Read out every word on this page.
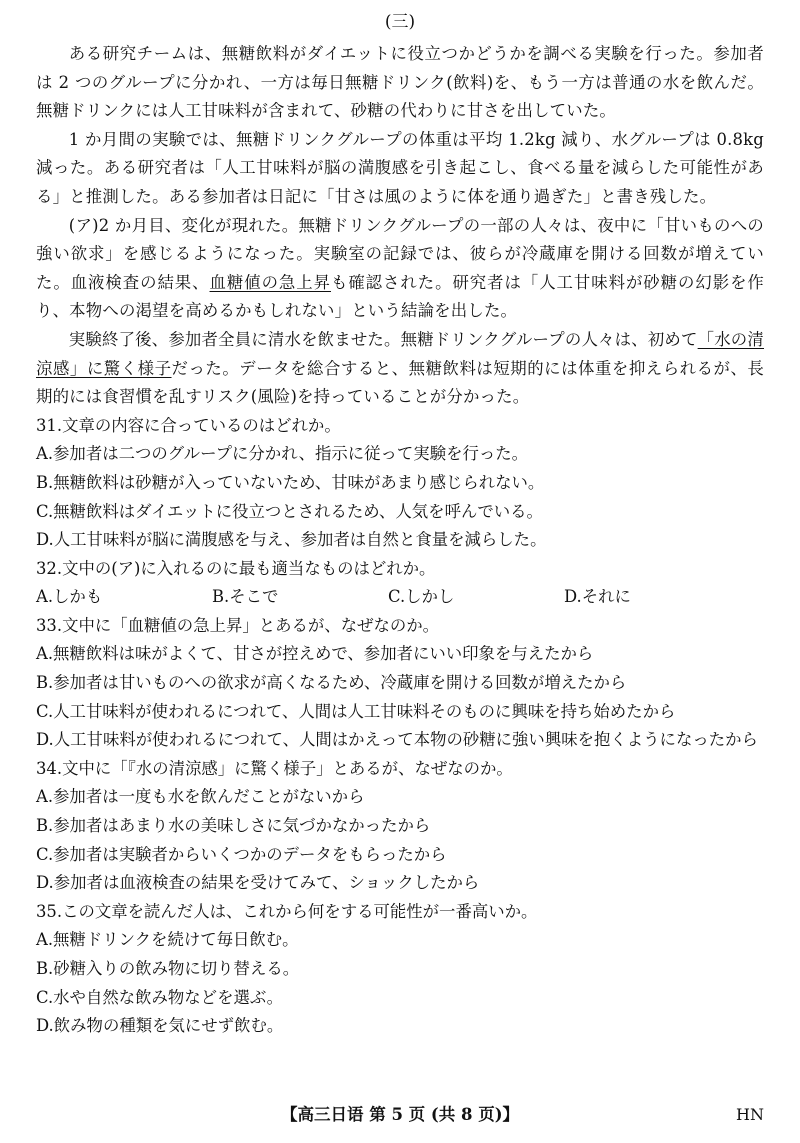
(三)

ある研究チームは、無糖飲料がダイエットに役立つかどうかを調べる実験を行った。参加者は 2 つのグループに分かれ、一方は毎日無糖ドリンク(飲料)を、もう一方は普通の水を飲んだ。無糖ドリンクには人工甘味料が含まれて、砂糖の代わりに甘さを出していた。

1 か月間の実験では、無糖ドリンクグループの体重は平均 1.2kg 減り、水グループは 0.8kg 減った。ある研究者は「人工甘味料が脳の満腹感を引き起こし、食べる量を減らした可能性がある」と推測した。ある参加者は日記に「甘さは風のように体を通り過ぎた」と書き残した。

(ア)2 か月目、変化が現れた。無糖ドリンクグループの一部の人々は、夜中に「甘いものへの強い欲求」を感じるようになった。実験室の記録では、彼らが冷蔵庫を開ける回数が増えていた。血液検査の結果、血糖値の急上昇も確認された。研究者は「人工甘味料が砂糖の幻影を作り、本物への渇望を高めるかもしれない」という結論を出した。

実験終了後、参加者全員に清水を飲ませた。無糖ドリンクグループの人々は、初めて「水の清涼感」に驚く様子だった。データを総合すると、無糖飲料は短期的には体重を抑えられるが、長期的には食習慣を乱すリスク(風险)を持っていることが分かった。

31.文章の内容に合っているのはどれか。

A.参加者は二つのグループに分かれ、指示に従って実験を行った。

B.無糖飲料は砂糖が入っていないため、甘味があまり感じられない。

C.無糖飲料はダイエットに役立つとされるため、人気を呼んでいる。

D.人工甘味料が脳に満腹感を与え、参加者は自然と食量を減らした。

32.文中の(ア)に入れるのに最も適当なものはどれか。

A.しかも	B.そこで	C.しかし	D.それに

33.文中に「血糖値の急上昇」とあるが、なぜなのか。

A.無糖飲料は味がよくて、甘さが控えめで、参加者にいい印象を与えたから

B.参加者は甘いものへの欲求が高くなるため、冷蔵庫を開ける回数が増えたから

C.人工甘味料が使われるにつれて、人間は人工甘味料そのものに興味を持ち始めたから

D.人工甘味料が使われるにつれて、人間はかえって本物の砂糖に強い興味を抱くようになったから

34.文中に「『水の清涼感」に驚く様子」とあるが、なぜなのか。

A.参加者は一度も水を飲んだことがないから

B.参加者はあまり水の美味しさに気づかなかったから

C.参加者は実験者からいくつかのデータをもらったから

D.参加者は血液検査の結果を受けてみて、ショックしたから

35.この文章を読んだ人は、これから何をする可能性が一番高いか。

A.無糖ドリンクを続けて毎日飲む。

B.砂糖入りの飲み物に切り替える。

C.水や自然な飲み物などを選ぶ。

D.飲み物の種類を気にせず飲む。

【高三日语 第 5 页 (共 8 页)】	HN
